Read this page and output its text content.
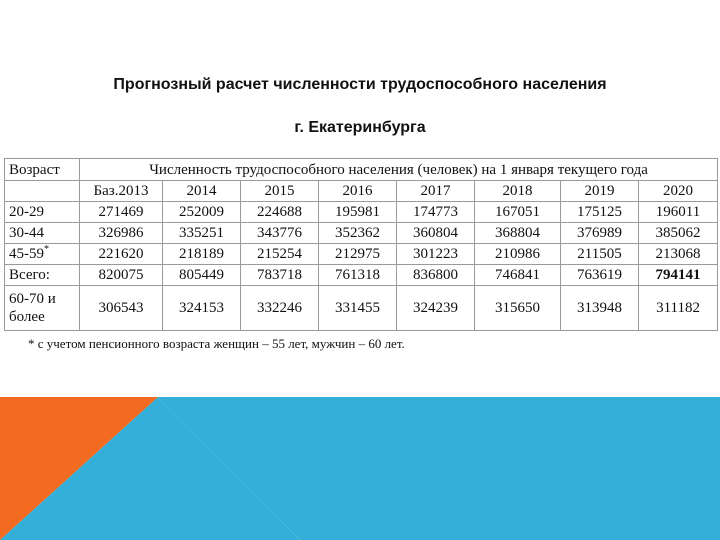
Прогнозный расчет численности трудоспособного населения
г. Екатеринбурга
Возраст	Численность трудоспособного населения (человек) на 1 января текущего года							
	Баз.2013	2014	2015	2016	2017	2018	2019	2020
20-29	271469	252009	224688	195981	174773	167051	175125	196011
30-44	326986	335251	343776	352362	360804	368804	376989	385062
45-59*	221620	218189	215254	212975	301223	210986	211505	213068
Всего:	820075	805449	783718	761318	836800	746841	763619	794141
60-70 и более	306543	324153	332246	331455	324239	315650	313948	311182
* с учетом пенсионного возраста женщин – 55 лет, мужчин – 60 лет.
